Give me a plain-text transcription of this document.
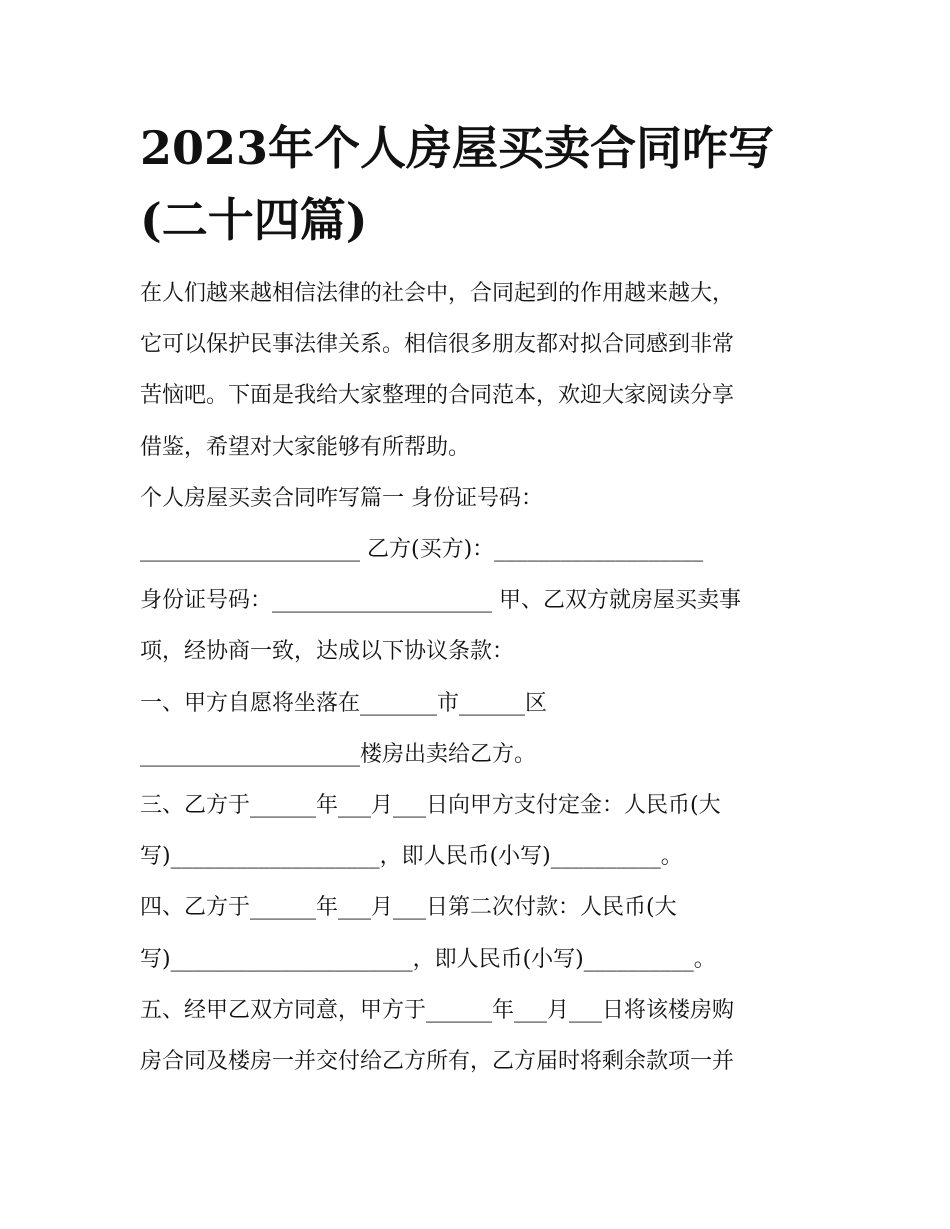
2023年个人房屋买卖合同咋写
(二十四篇)

在人们越来越相信法律的社会中，合同起到的作用越来越大，

它可以保护民事法律关系。相信很多朋友都对拟合同感到非常

苦恼吧。下面是我给大家整理的合同范本，欢迎大家阅读分享

借鉴，希望对大家能够有所帮助。

个人房屋买卖合同咋写篇一 身份证号码：

____________________ 乙方(买方)：___________________

身份证号码：____________________ 甲、乙双方就房屋买卖事

项，经协商一致，达成以下协议条款：

一、甲方自愿将坐落在_______市______区

____________________楼房出卖给乙方。

三、乙方于______年___月___日向甲方支付定金：人民币(大

写)___________________，即人民币(小写)__________。

四、乙方于______年___月___日第二次付款：人民币(大

写)______________________，即人民币(小写)__________。

五、经甲乙双方同意，甲方于______年___月___日将该楼房购

房合同及楼房一并交付给乙方所有，乙方届时将剩余款项一并
